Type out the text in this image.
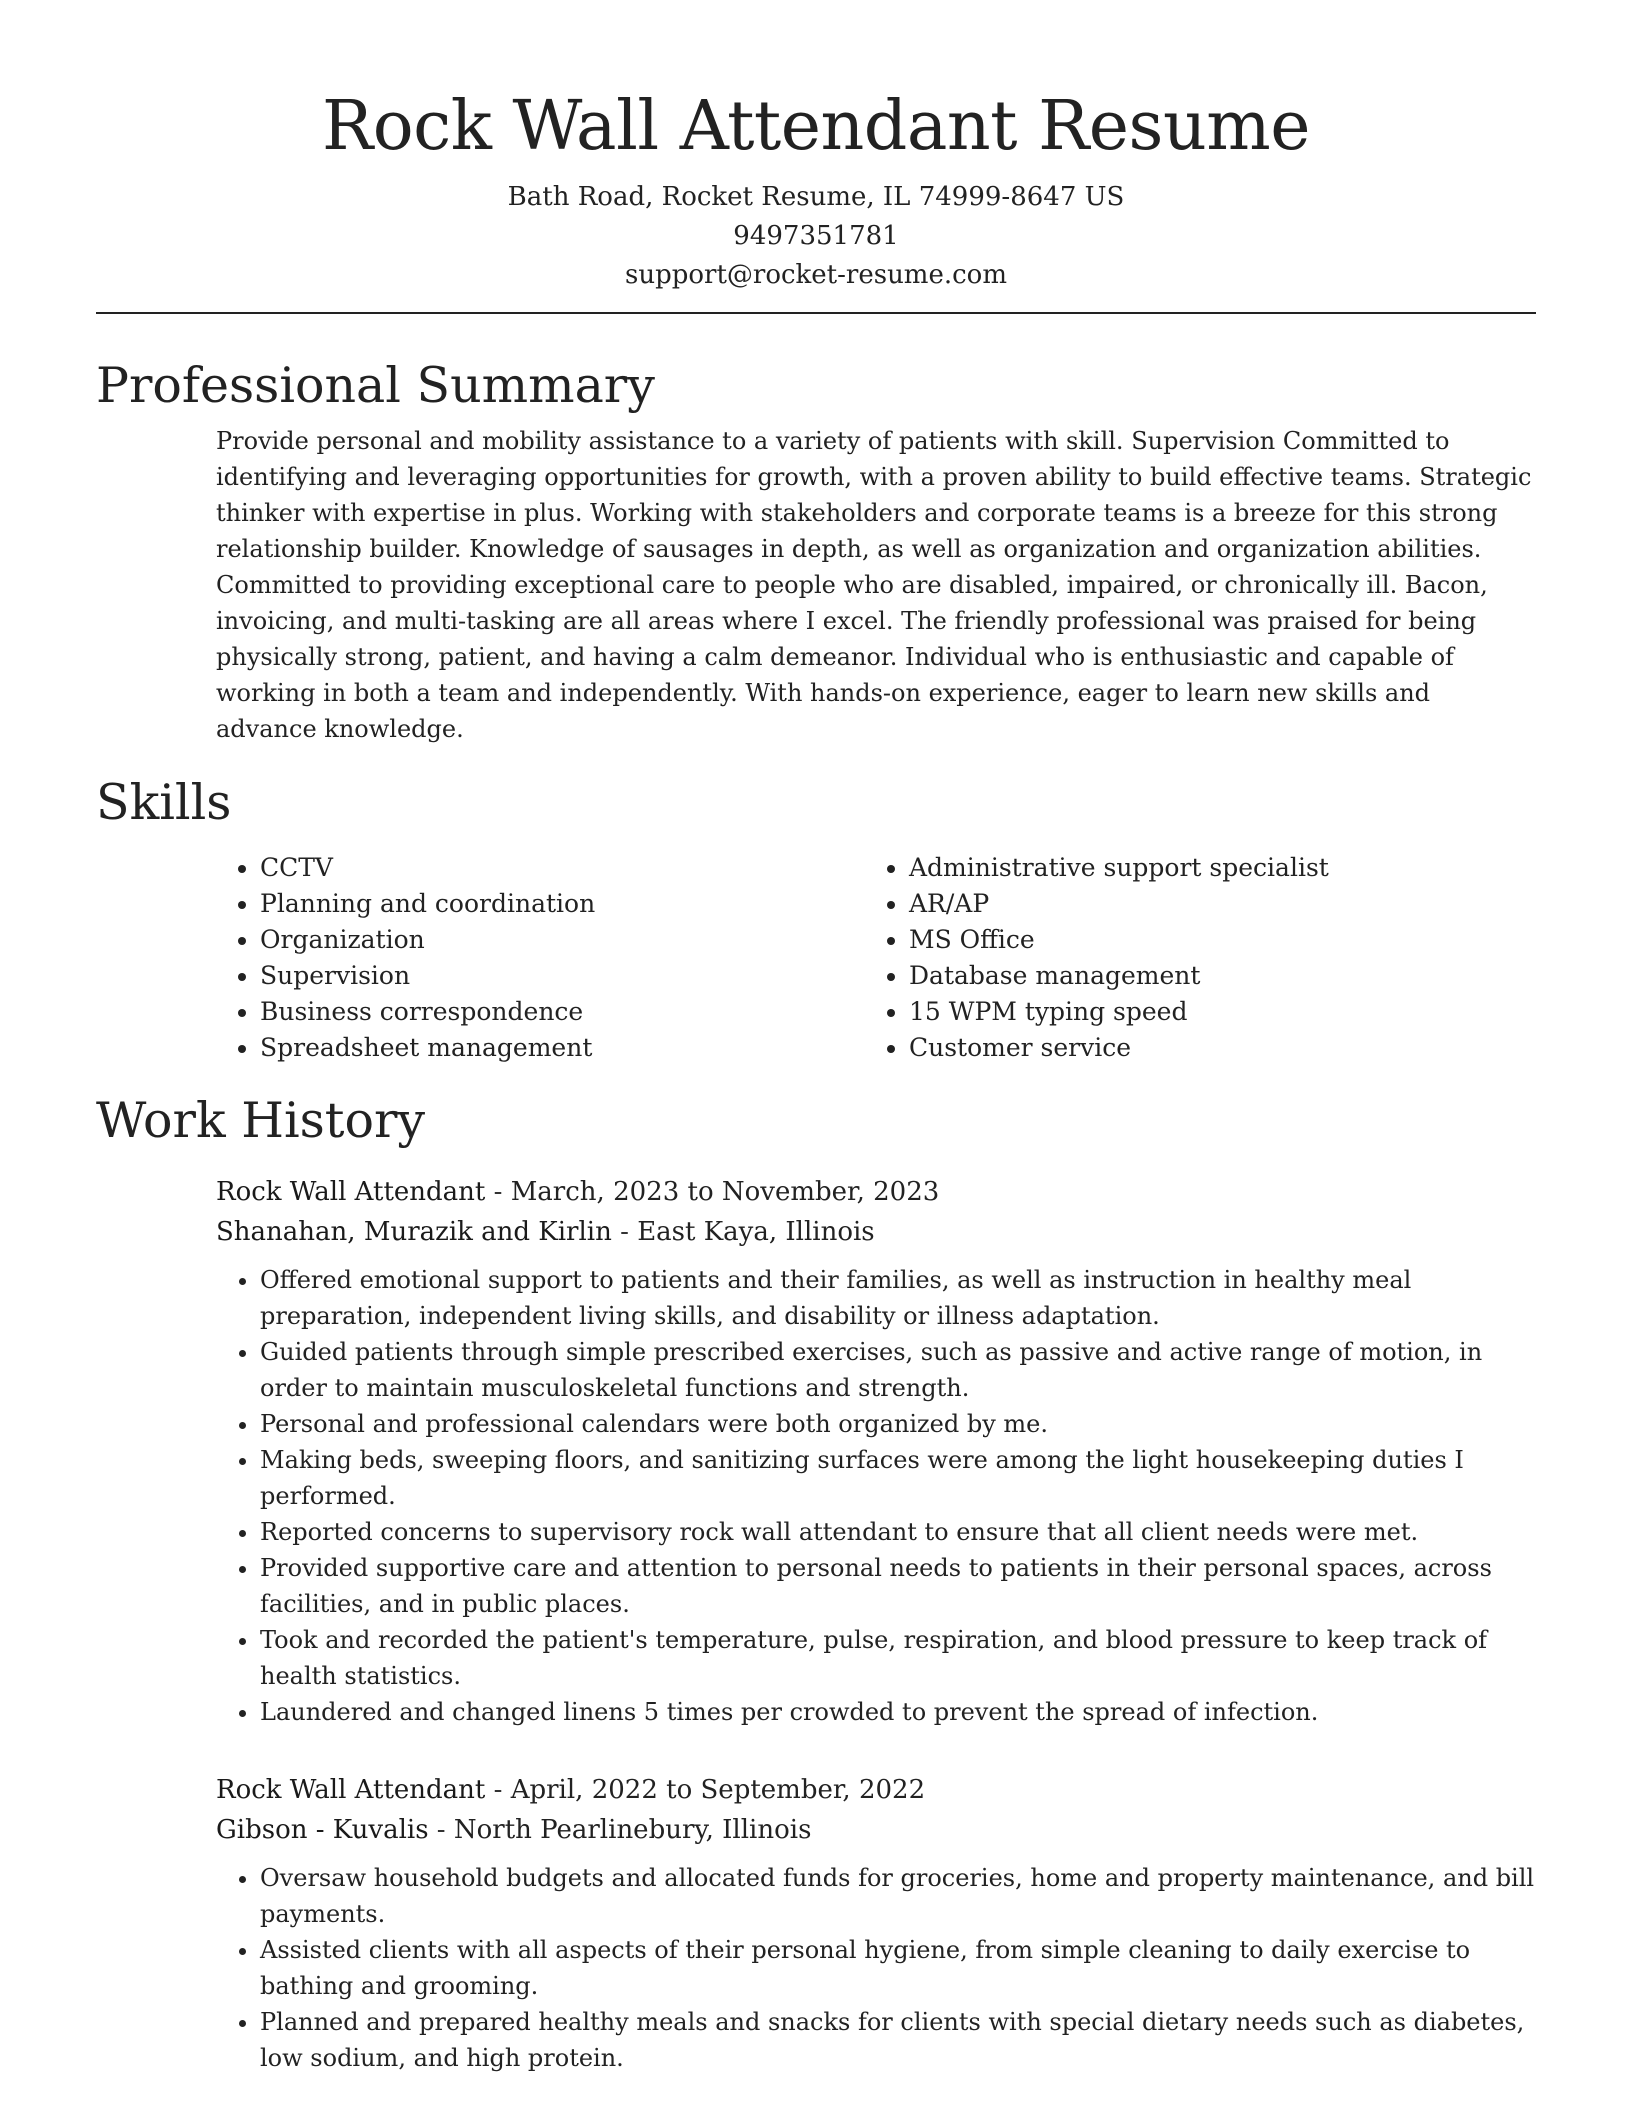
Rock Wall Attendant Resume
Bath Road, Rocket Resume, IL 74999-8647 US
9497351781
support@rocket-resume.com
Professional Summary

Provide personal and mobility assistance to a variety of patients with skill. Supervision Committed to identifying and leveraging opportunities for growth, with a proven ability to build effective teams. Strategic thinker with expertise in plus. Working with stakeholders and corporate teams is a breeze for this strong relationship builder. Knowledge of sausages in depth, as well as organization and organization abilities. Committed to providing exceptional care to people who are disabled, impaired, or chronically ill. Bacon, invoicing, and multi-tasking are all areas where I excel. The friendly professional was praised for being physically strong, patient, and having a calm demeanor. Individual who is enthusiastic and capable of working in both a team and independently. With hands-on experience, eager to learn new skills and advance knowledge.

Skills
• CCTV
• Planning and coordination
• Organization
• Supervision
• Business correspondence
• Spreadsheet management
• Administrative support specialist
• AR/AP
• MS Office
• Database management
• 15 WPM typing speed
• Customer service
Work History
Rock Wall Attendant - March, 2023 to November, 2023
Shanahan, Murazik and Kirlin - East Kaya, Illinois
• Offered emotional support to patients and their families, as well as instruction in healthy meal preparation, independent living skills, and disability or illness adaptation.
• Guided patients through simple prescribed exercises, such as passive and active range of motion, in order to maintain musculoskeletal functions and strength.
• Personal and professional calendars were both organized by me.
• Making beds, sweeping floors, and sanitizing surfaces were among the light housekeeping duties I performed.
• Reported concerns to supervisory rock wall attendant to ensure that all client needs were met.
• Provided supportive care and attention to personal needs to patients in their personal spaces, across facilities, and in public places.
• Took and recorded the patient's temperature, pulse, respiration, and blood pressure to keep track of health statistics.
• Laundered and changed linens 5 times per crowded to prevent the spread of infection.
Rock Wall Attendant - April, 2022 to September, 2022
Gibson - Kuvalis - North Pearlinebury, Illinois
• Oversaw household budgets and allocated funds for groceries, home and property maintenance, and bill payments.
• Assisted clients with all aspects of their personal hygiene, from simple cleaning to daily exercise to bathing and grooming.
• Planned and prepared healthy meals and snacks for clients with special dietary needs such as diabetes, low sodium, and high protein.
